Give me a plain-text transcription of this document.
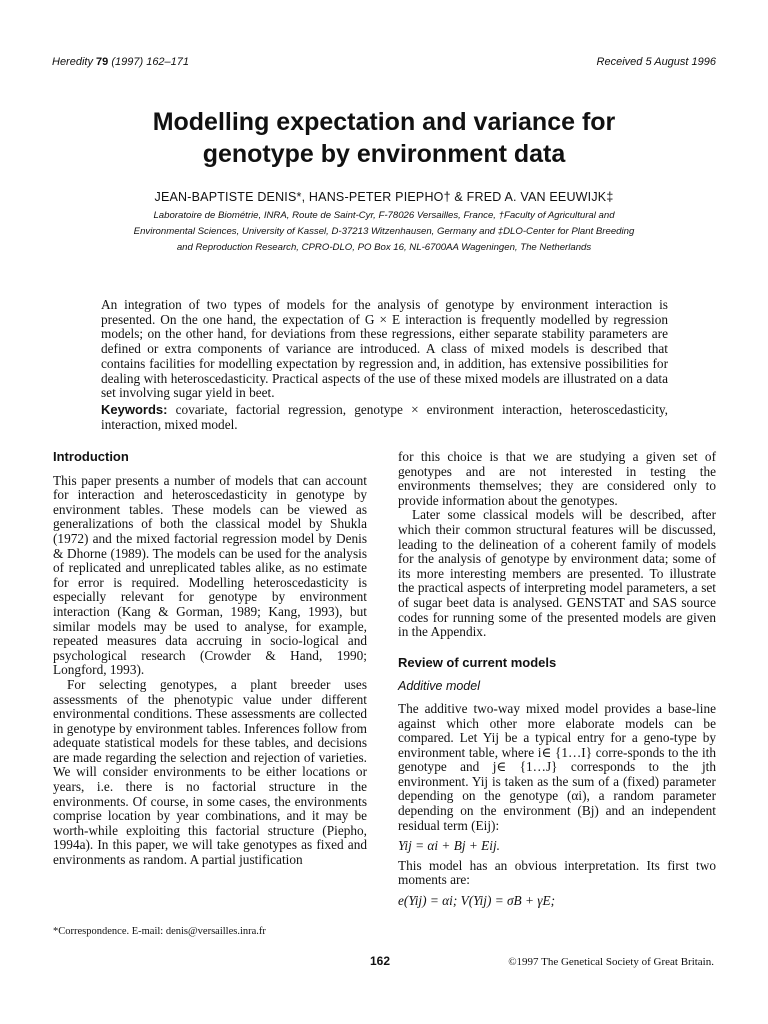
Heredity 79 (1997) 162–171	Received 5 August 1996
Modelling expectation and variance for
genotype by environment data
JEAN-BAPTISTE DENIS*, HANS-PETER PIEPHO† & FRED A. VAN EEUWIJK‡
Laboratoire de Biométrie, INRA, Route de Saint-Cyr, F-78026 Versailles, France, †Faculty of Agricultural and
Environmental Sciences, University of Kassel, D-37213 Witzenhausen, Germany and ‡DLO-Center for Plant Breeding
and Reproduction Research, CPRO-DLO, PO Box 16, NL-6700AA Wageningen, The Netherlands
An integration of two types of models for the analysis of genotype by environment interaction is presented. On the one hand, the expectation of G × E interaction is frequently modelled by regression models; on the other hand, for deviations from these regressions, either separate stability parameters are defined or extra components of variance are introduced. A class of mixed models is described that contains facilities for modelling expectation by regression and, in addition, has extensive possibilities for dealing with heteroscedasticity. Practical aspects of the use of these mixed models are illustrated on a data set involving sugar yield in beet.
Keywords: covariate, factorial regression, genotype × environment interaction, heteroscedasticity, interaction, mixed model.
Introduction

This paper presents a number of models that can account for interaction and heteroscedasticity in genotype by environment tables. These models can be viewed as generalizations of both the classical model by Shukla (1972) and the mixed factorial regression model by Denis & Dhorne (1989). The models can be used for the analysis of replicated and unreplicated tables alike, as no estimate for error is required. Modelling heteroscedasticity is especially relevant for genotype by environment interaction (Kang & Gorman, 1989; Kang, 1993), but similar models may be used to analyse, for example, repeated measures data accruing in socio-logical and psychological research (Crowder & Hand, 1990; Longford, 1993).

For selecting genotypes, a plant breeder uses assessments of the phenotypic value under different environmental conditions. These assessments are collected in genotype by environment tables. Inferences follow from adequate statistical models for these tables, and decisions are made regarding the selection and rejection of varieties. We will consider environments to be either locations or years, i.e. there is no factorial structure in the environments. Of course, in some cases, the environments comprise location by year combinations, and it may be worth-while exploiting this factorial structure (Piepho, 1994a). In this paper, we will take genotypes as fixed and environments as random. A partial justification

for this choice is that we are studying a given set of genotypes and are not interested in testing the environments themselves; they are considered only to provide information about the genotypes.

Later some classical models will be described, after which their common structural features will be discussed, leading to the delineation of a coherent family of models for the analysis of genotype by environment data; some of its more interesting members are presented. To illustrate the practical aspects of interpreting model parameters, a set of sugar beet data is analysed. GENSTAT and SAS source codes for running some of the presented models are given in the Appendix.

Review of current models
Additive model

The additive two-way mixed model provides a base-line against which other more elaborate models can be compared. Let Yij be a typical entry for a geno-type by environment table, where i∈ {1…I} corre-sponds to the ith genotype and j∈ {1…J} corresponds to the jth environment. Yij is taken as the sum of a (fixed) parameter depending on the genotype (αi), a random parameter depending on the environment (Bj) and an independent residual term (Eij):

Yij = αi + Bj + Eij.

This model has an obvious interpretation. Its first two moments are:

e(Yij) = αi; V(Yij) = σB + γE;
*Correspondence. E-mail: denis@versailles.inra.fr
162	©1997 The Genetical Society of Great Britain.
